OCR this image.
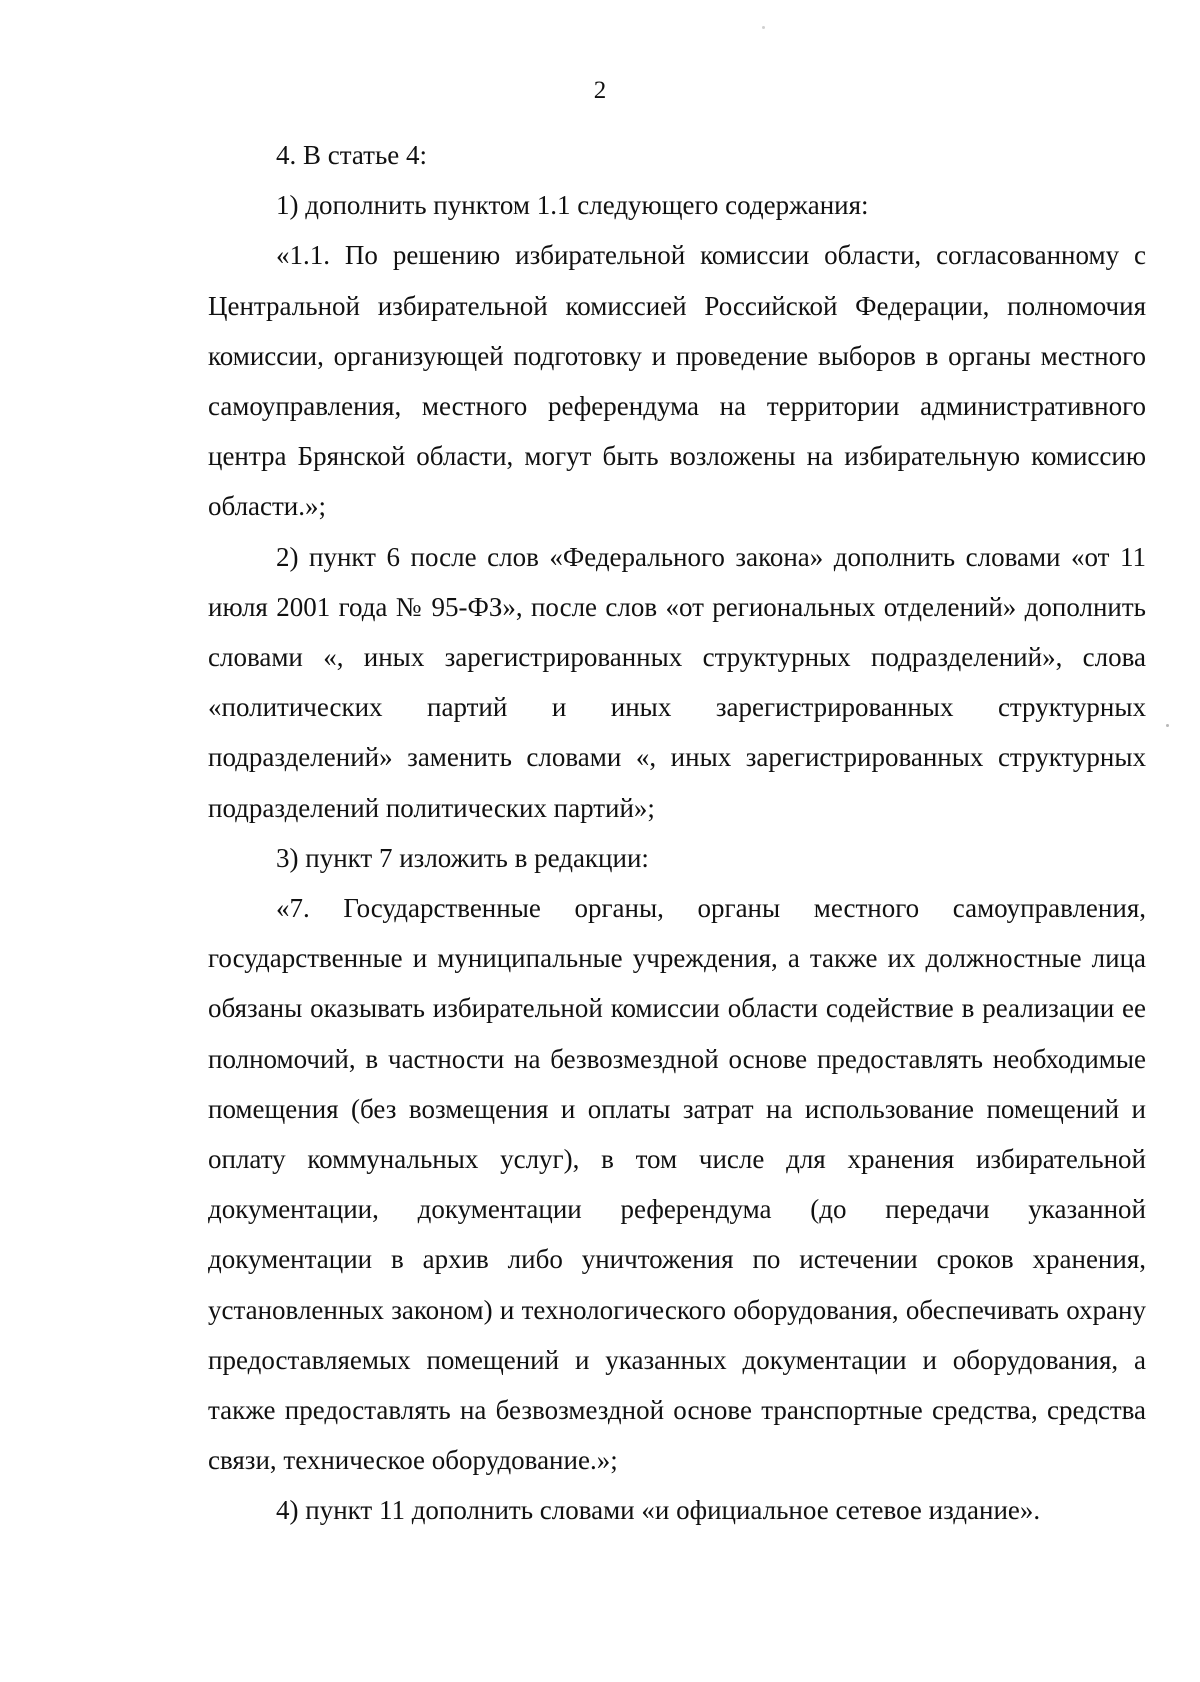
2

4. В статье 4:

1) дополнить пунктом 1.1 следующего содержания:

«1.1. По решению избирательной комиссии области, согласованному с Центральной избирательной комиссией Российской Федерации, полномочия комиссии, организующей подготовку и проведение выборов в органы местного самоуправления, местного референдума на территории административного центра Брянской области, могут быть возложены на избирательную комиссию области.»;

2) пункт 6 после слов «Федерального закона» дополнить словами «от 11 июля 2001 года № 95-ФЗ», после слов «от региональных отделений» дополнить словами «, иных зарегистрированных структурных подразделений», слова «политических партий и иных зарегистрированных структурных подразделений» заменить словами «, иных зарегистрированных структурных подразделений политических партий»;

3) пункт 7 изложить в редакции:

«7. Государственные органы, органы местного самоуправления, государственные и муниципальные учреждения, а также их должностные лица обязаны оказывать избирательной комиссии области содействие в реализации ее полномочий, в частности на безвозмездной основе предоставлять необходимые помещения (без возмещения и оплаты затрат на использование помещений и оплату коммунальных услуг), в том числе для хранения избирательной документации, документации референдума (до передачи указанной документации в архив либо уничтожения по истечении сроков хранения, установленных законом) и технологического оборудования, обеспечивать охрану предоставляемых помещений и указанных документации и оборудования, а также предоставлять на безвозмездной основе транспортные средства, средства связи, техническое оборудование.»;

4) пункт 11 дополнить словами «и официальное сетевое издание».
